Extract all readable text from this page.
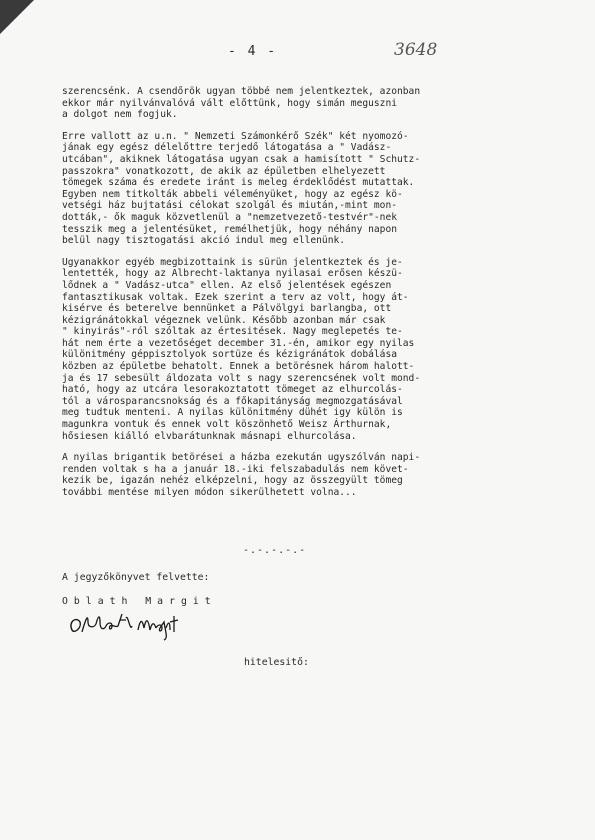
- 4 -	3648

szerencsénk. A csendőrök ugyan többé nem jelentkeztek, azonban
ekkor már nyilvánvalóvá vált előttünk, hogy simán meguszni
a dolgot nem fogjuk.

Erre vallott az u.n. " Nemzeti Számonkérő Szék" két nyomozó-
jának egy egész délelőttre terjedő látogatása a " Vadász-
utcában", akiknek látogatása ugyan csak a hamisított " Schutz-
passzokra" vonatkozott, de akik az épületben elhelyezett
tömegek száma és eredete iránt is meleg érdeklődést mutattak.
Egyben nem titkolták abbeli véleményüket, hogy az egész kö-
vetségi ház bujtatási célokat szolgál és miután,-mint mon-
dották,- ők maguk közvetlenül a "nemzetvezető-testvér"-nek
tesszik meg a jelentésüket, remélhetjük, hogy néhány napon
belül nagy tisztogatási akció indul meg ellenünk.

Ugyanakkor egyéb megbizottaink is sürün jelentkeztek és je-
lentették, hogy az Albrecht-laktanya nyilasai erősen készü-
lődnek a " Vadász-utca" ellen. Az első jelentések egészen
fantasztikusak voltak. Ezek szerint a terv az volt, hogy át-
kisérve és beterelve bennünket a Pálvölgyi barlangba, ott
kézigránátokkal végeznek velünk. Később azonban már csak
" kinyirás"-ról szóltak az értesitések. Nagy meglepetés te-
hát nem érte a vezetőséget december 31.-én, amikor egy nyilas
különitmény géppisztolyok sortüze és kézigránátok dobálása
közben az épületbe behatolt. Ennek a betörésnek három halott-
ja és 17 sebesült áldozata volt s nagy szerencsének volt mond-
ható, hogy az utcára lesorakoztatott tömeget az elhurcolás-
tól a városparancsnokság és a főkapitányság megmozgatásával
meg tudtuk menteni. A nyilas különitmény dühét igy külön is
magunkra vontuk és ennek volt köszönhető Weisz Árthurnak,
hősiesen kiálló elvbarátunknak másnapi elhurcolása.

A nyilas brigantik betörései a házba ezekután ugyszólván napi-
renden voltak s ha a január 18.-iki felszabadulás nem követ-
kezik be, igazán nehéz elképzelni, hogy az összegyült tömeg
további mentése milyen módon sikerülhetett volna...

-.-.-.-.-
A jegyzőkönyvet felvette:
Oblath Margit
hitelesitő:
